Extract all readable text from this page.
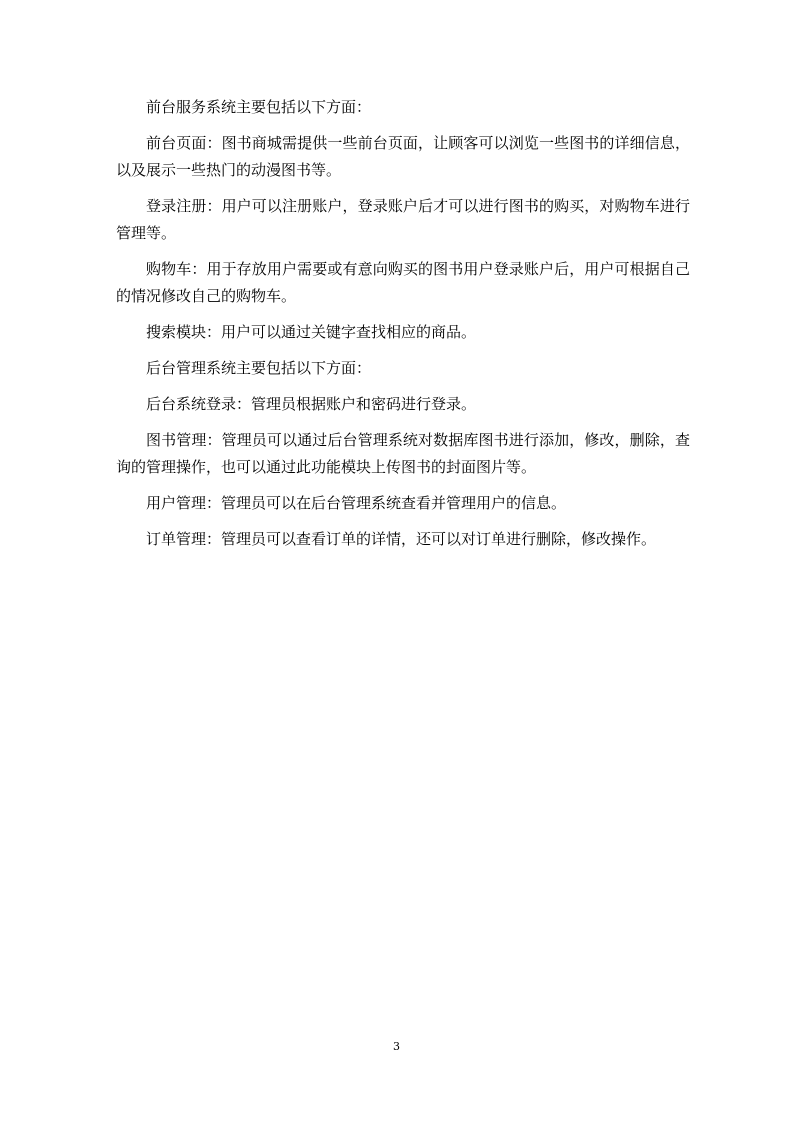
前台服务系统主要包括以下方面：

前台页面：图书商城需提供一些前台页面，让顾客可以浏览一些图书的详细信息，以及展示一些热门的动漫图书等。

登录注册：用户可以注册账户，登录账户后才可以进行图书的购买，对购物车进行管理等。

购物车：用于存放用户需要或有意向购买的图书用户登录账户后，用户可根据自己的情况修改自己的购物车。

搜索模块：用户可以通过关键字查找相应的商品。

后台管理系统主要包括以下方面：

后台系统登录：管理员根据账户和密码进行登录。

图书管理：管理员可以通过后台管理系统对数据库图书进行添加，修改，删除，查询的管理操作，也可以通过此功能模块上传图书的封面图片等。

用户管理：管理员可以在后台管理系统查看并管理用户的信息。

订单管理：管理员可以查看订单的详情，还可以对订单进行删除，修改操作。

3
